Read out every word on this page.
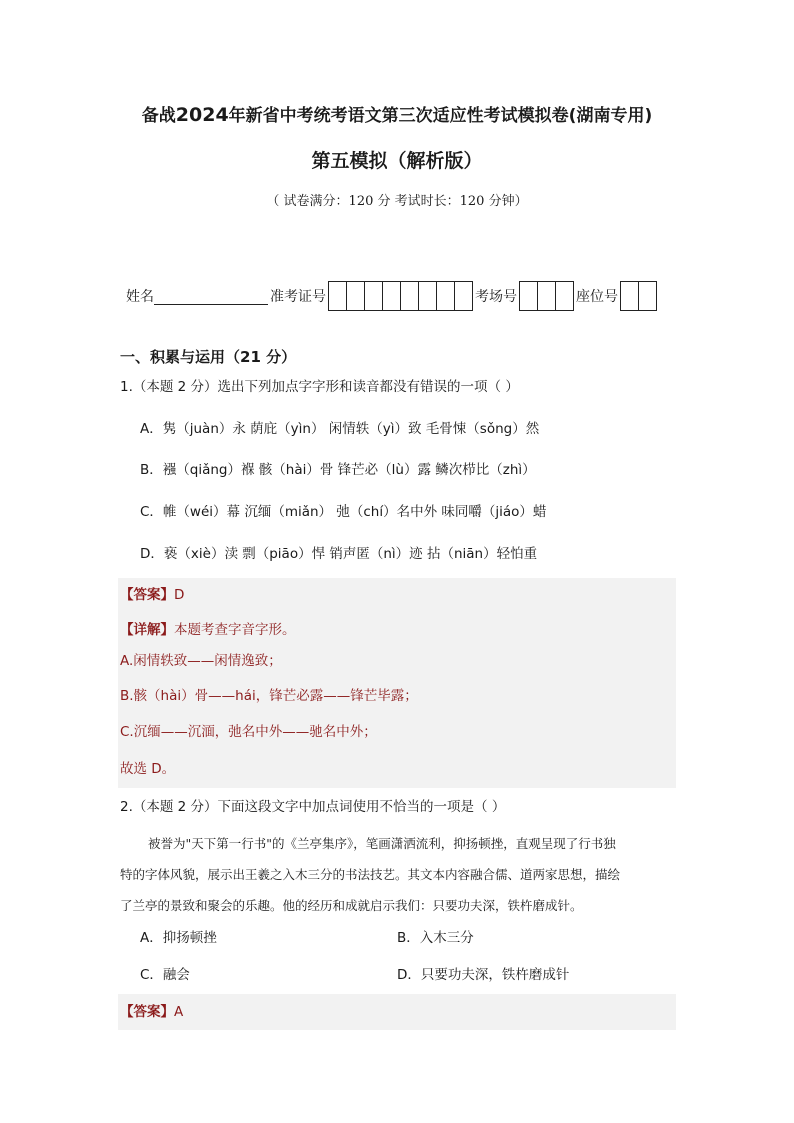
备战2024年新省中考统考语文第三次适应性考试模拟卷(湖南专用)
第五模拟（解析版）
（ 试卷满分：120 分 考试时长：120 分钟）
姓名	准考证号	考场号	座位号
一、积累与运用（21 分）
1.（本题 2 分）选出下列加点字字形和读音都没有错误的一项（ ）
A．隽（juàn）永 荫庇（yìn） 闲情轶（yì）致 毛骨悚（sǒng）然
B．襁（qiǎng）褓 骸（hài）骨 锋芒必（lù）露 鳞次栉比（zhì）
C．帷（wéi）幕 沉缅（miǎn） 弛（chí）名中外 味同嚼（jiáo）蜡
D．亵（xiè）渎 剽（piāo）悍 销声匿（nì）迹 拈（niān）轻怕重
【答案】D
【详解】本题考查字音字形。
A.闲情轶致——闲情逸致；
B.骸（hài）骨——hái，锋芒必露——锋芒毕露；
C.沉缅——沉湎，弛名中外——驰名中外；
故选 D。
2.（本题 2 分）下面这段文字中加点词使用不恰当的一项是（ ）
被誉为"天下第一行书"的《兰亭集序》，笔画潇洒流利，抑扬顿挫，直观呈现了行书独
特的字体风貌，展示出王羲之入木三分的书法技艺。其文本内容融合儒、道两家思想，描绘
了兰亭的景致和聚会的乐趣。他的经历和成就启示我们：只要功夫深，铁杵磨成针。
A．抑扬顿挫	B．入木三分
C．融会	D．只要功夫深，铁杵磨成针
【答案】A
